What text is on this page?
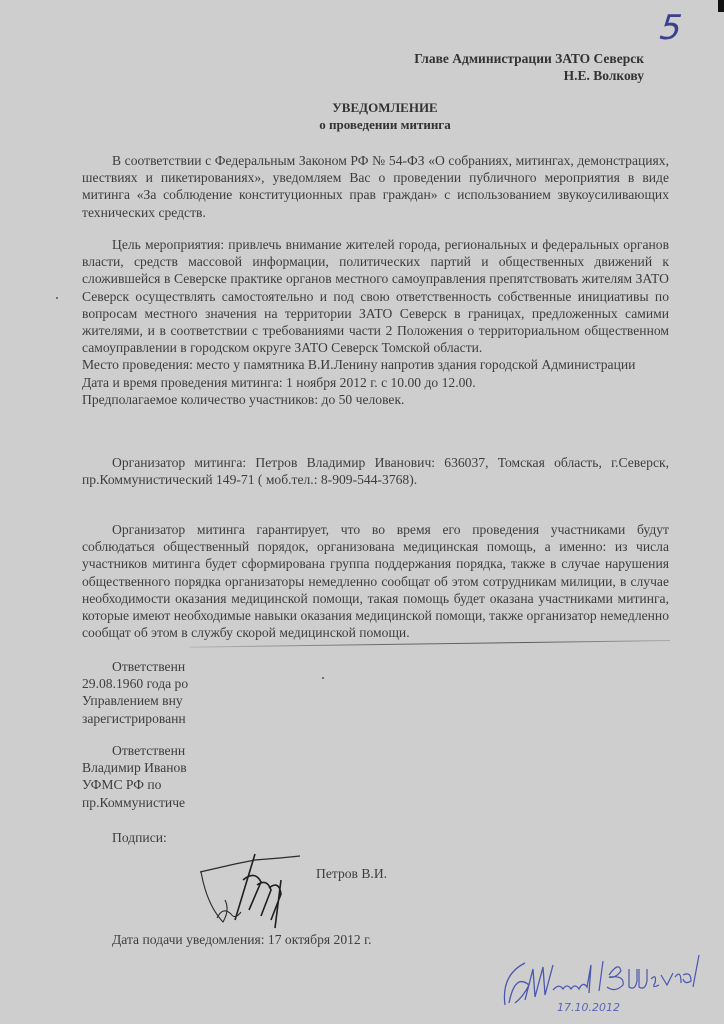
5
Главе Администрации ЗАТО Северск
Н.Е. Волкову
УВЕДОМЛЕНИЕ
о проведении митинга

В соответствии с Федеральным Законом РФ № 54-ФЗ «О собраниях, митингах, демонстрациях, шествиях и пикетированиях», уведомляем Вас о проведении публичного мероприятия в виде митинга «За соблюдение конституционных прав граждан» с использованием звукоусиливающих технических средств.

Цель мероприятия: привлечь внимание жителей города, региональных и федеральных органов власти, средств массовой информации, политических партий и общественных движений к сложившейся в Северске практике органов местного самоуправления препятствовать жителям ЗАТО Северск осуществлять самостоятельно и под свою ответственность собственные инициативы по вопросам местного значения на территории ЗАТО Северск в границах, предложенных самими жителями, и в соответствии с требованиями части 2 Положения о территориальном общественном самоуправлении в городском округе ЗАТО Северск Томской области.

Место проведения: место у памятника В.И.Ленину напротив здания городской Администрации

Дата и время проведения митинга: 1 ноября 2012 г. с 10.00 до 12.00.

Предполагаемое количество участников: до 50 человек.

Организатор митинга: Петров Владимир Иванович: 636037, Томская область, г.Северск, пр.Коммунистический 149-71 ( моб.тел.: 8-909-544-3768).

Организатор митинга гарантирует, что во время его проведения участниками будут соблюдаться общественный порядок, организована медицинская помощь, а именно: из числа участников митинга будет сформирована группа поддержания порядка, также в случае нарушения общественного порядка организаторы немедленно сообщат об этом сотрудникам милиции, в случае необходимости оказания медицинской помощи, такая помощь будет оказана участниками митинга, которые имеют необходимые навыки оказания медицинской помощи, также организатор немедленно сообщат об этом в службу скорой медицинской помощи.

Ответственн

29.08.1960 года ро

Управлением вну

зарегистрированн

Ответственн

Владимир Иванов

УФМС РФ по

пр.Коммунистиче

Подписи:
Петров В.И.
Дата подачи уведомления: 17 октября 2012 г.
17.10.2012
